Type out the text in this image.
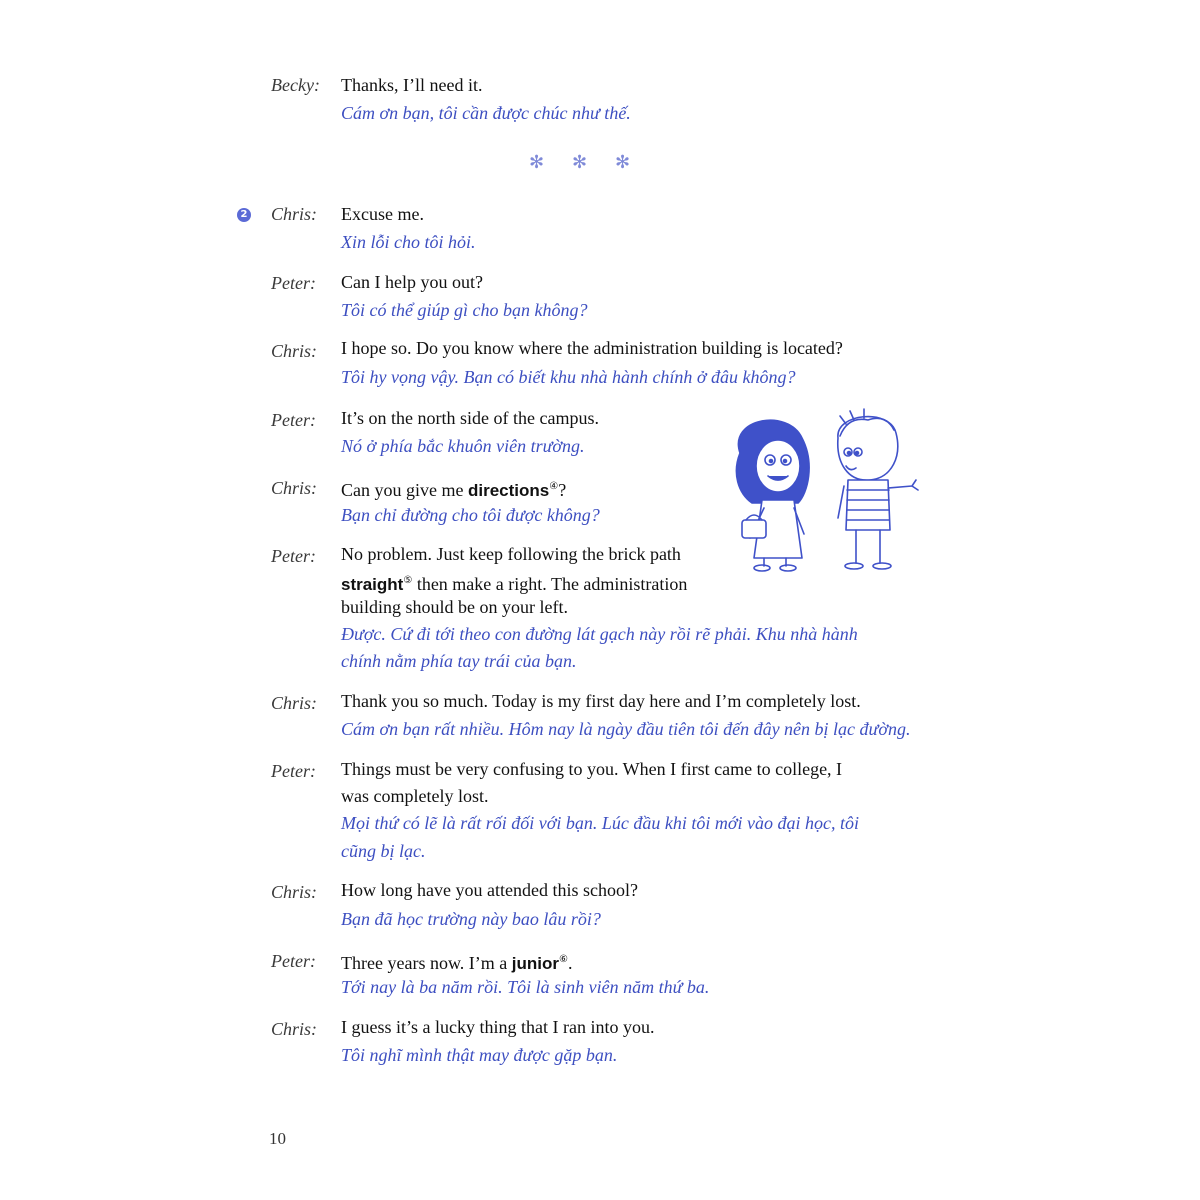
Becky: Thanks, I’ll need it.
Cám ơn bạn, tôi cần được chúc như thế.
✻ ✻ ✻
2 Chris: Excuse me.
Xin lỗi cho tôi hỏi.
Peter: Can I help you out?
Tôi có thể giúp gì cho bạn không?
Chris: I hope so. Do you know where the administration building is located?
Tôi hy vọng vậy. Bạn có biết khu nhà hành chính ở đâu không?
Peter: It’s on the north side of the campus.
Nó ở phía bắc khuôn viên trường.
Chris: Can you give me directions④?
Bạn chỉ đường cho tôi được không?
Peter: No problem. Just keep following the brick path
straight⑤ then make a right. The administration
building should be on your left.
Được. Cứ đi tới theo con đường lát gạch này rồi rẽ phải. Khu nhà hành
chính nằm phía tay trái của bạn.
Chris: Thank you so much. Today is my first day here and I’m completely lost.
Cám ơn bạn rất nhiều. Hôm nay là ngày đầu tiên tôi đến đây nên bị lạc đường.
Peter: Things must be very confusing to you. When I first came to college, I
was completely lost.
Mọi thứ có lẽ là rất rối đối với bạn. Lúc đầu khi tôi mới vào đại học, tôi
cũng bị lạc.
Chris: How long have you attended this school?
Bạn đã học trường này bao lâu rồi?
Peter: Three years now. I’m a junior⑥.
Tới nay là ba năm rồi. Tôi là sinh viên năm thứ ba.
Chris: I guess it’s a lucky thing that I ran into you.
Tôi nghĩ mình thật may được gặp bạn.
10
